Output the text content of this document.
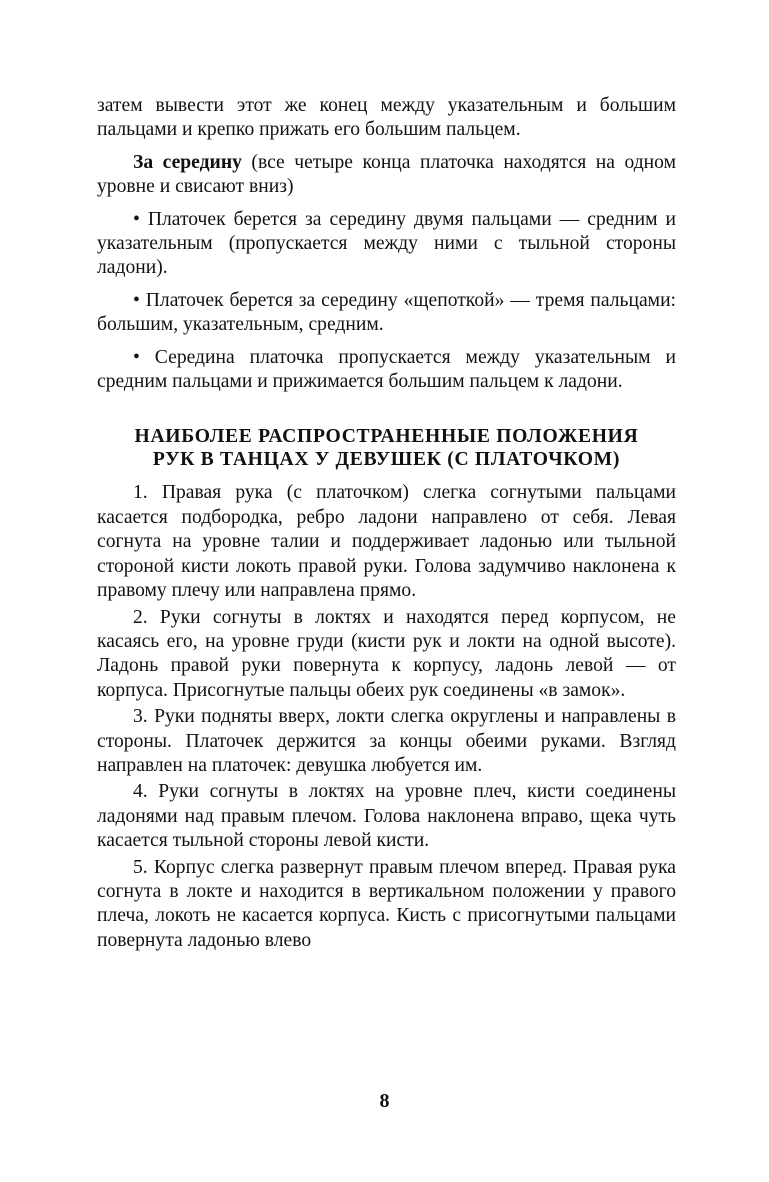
затем вывести этот же конец между указательным и большим пальцами и крепко прижать его большим пальцем.

За середину (все четыре конца платочка находятся на одном уровне и свисают вниз)

• Платочек берется за середину двумя пальцами — средним и указательным (пропускается между ними с тыльной стороны ладони).

• Платочек берется за середину «щепоткой» — тремя пальцами: большим, указательным, средним.

• Середина платочка пропускается между указательным и средним пальцами и прижимается большим пальцем к ладони.

НАИБОЛЕЕ РАСПРОСТРАНЕННЫЕ ПОЛОЖЕНИЯ
РУК В ТАНЦАХ У ДЕВУШЕК (С ПЛАТОЧКОМ)

1. Правая рука (с платочком) слегка согнутыми пальцами касается подбородка, ребро ладони направлено от себя. Левая согнута на уровне талии и поддерживает ладонью или тыльной стороной кисти локоть правой руки. Голова задумчиво наклонена к правому плечу или направлена прямо.

2. Руки согнуты в локтях и находятся перед корпусом, не касаясь его, на уровне груди (кисти рук и локти на одной высоте). Ладонь правой руки повернута к корпусу, ладонь левой — от корпуса. Присогнутые пальцы обеих рук соединены «в замок».

3. Руки подняты вверх, локти слегка округлены и направлены в стороны. Платочек держится за концы обеими руками. Взгляд направлен на платочек: девушка любуется им.

4. Руки согнуты в локтях на уровне плеч, кисти соединены ладонями над правым плечом. Голова наклонена вправо, щека чуть касается тыльной стороны левой кисти.

5. Корпус слегка развернут правым плечом вперед. Правая рука согнута в локте и находится в вертикальном положении у правого плеча, локоть не касается корпуса. Кисть с присогнутыми пальцами повернута ладонью влево

8
